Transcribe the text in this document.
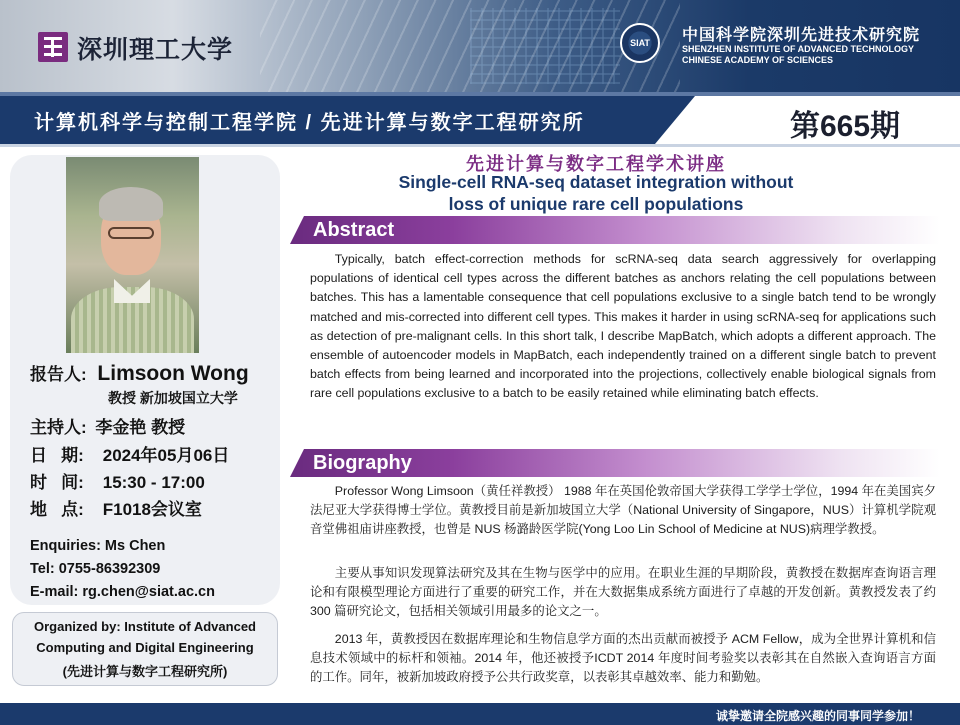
深圳理工大学	SIAT	中国科学院深圳先进技术研究院
SHENZHEN INSTITUTE OF ADVANCED TECHNOLOGY
CHINESE ACADEMY OF SCIENCES
计算机科学与控制工程学院 / 先进计算与数字工程研究所	第665期
报告人: Limsoon Wong
教授 新加坡国立大学
主持人: 李金艳 教授
日   期: 2024年05月06日
时   间: 15:30 - 17:00
地   点: F1018会议室
Enquiries: Ms Chen
Tel: 0755-86392309
E-mail: rg.chen@siat.ac.cn
Organized by: Institute of Advanced
Computing and Digital Engineering
(先进计算与数字工程研究所)
先进计算与数字工程学术讲座
Single-cell RNA-seq dataset integration without
loss of unique rare cell populations
Abstract

Typically, batch effect-correction methods for scRNA-seq data search aggressively for overlapping populations of identical cell types across the different batches as anchors relating the cell populations between batches. This has a lamentable consequence that cell populations exclusive to a single batch tend to be wrongly matched and mis-corrected into different cell types. This makes it harder in using scRNA-seq for applications such as detection of pre-malignant cells. In this short talk, I describe MapBatch, which adopts a different approach. The ensemble of autoencoder models in MapBatch, each independently trained on a different single batch to prevent batch effects from being learned and incorporated into the projections, collectively enable biological signals from rare cell populations exclusive to a batch to be easily retained while eliminating batch effects.

Biography

Professor Wong Limsoon（黄任祥教授） 1988 年在英国伦敦帝国大学获得工学学士学位，1994 年在美国宾夕法尼亚大学获得博士学位。黄教授目前是新加坡国立大学（National University of Singapore，NUS）计算机学院观音堂佛祖庙讲座教授，也曾是 NUS 杨潞龄医学院(Yong Loo Lin School of Medicine at NUS)病理学教授。

主要从事知识发现算法研究及其在生物与医学中的应用。在职业生涯的早期阶段，黄教授在数据库查询语言理论和有限模型理论方面进行了重要的研究工作，并在大数据集成系统方面进行了卓越的开发创新。黄教授发表了约 300 篇研究论文，包括相关领域引用最多的论文之一。

2013 年，黄教授因在数据库理论和生物信息学方面的杰出贡献而被授予 ACM Fellow，成为全世界计算机和信息技术领域中的标杆和领袖。2014 年，他还被授予ICDT 2014 年度时间考验奖以表彰其在自然嵌入查询语言方面的工作。同年，被新加坡政府授予公共行政奖章，以表彰其卓越效率、能力和勤勉。

诚挚邀请全院感兴趣的同事同学参加！
